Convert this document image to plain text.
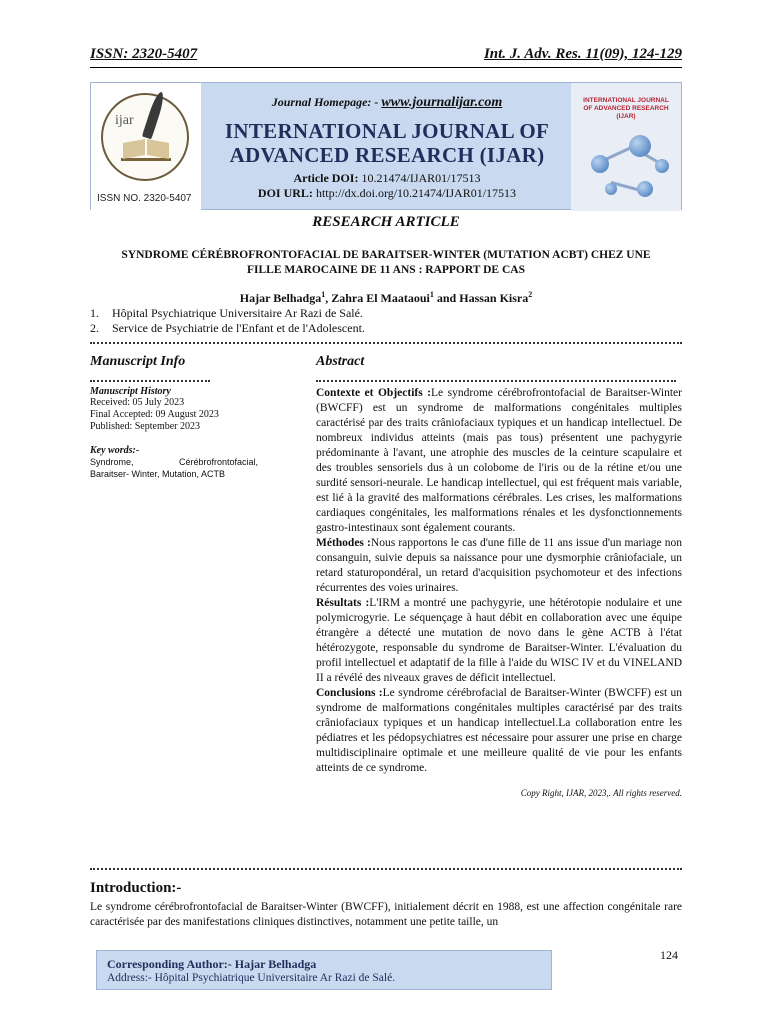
ISSN: 2320-5407	Int. J. Adv. Res. 11(09), 124-129
ijar
ISSN NO. 2320-5407
Journal Homepage: - www.journalijar.com
INTERNATIONAL JOURNAL OF
ADVANCED RESEARCH (IJAR)
Article DOI: 10.21474/IJAR01/17513
DOI URL: http://dx.doi.org/10.21474/IJAR01/17513
INTERNATIONAL JOURNAL OF ADVANCED RESEARCH (IJAR)
RESEARCH ARTICLE
SYNDROME CÉRÉBROFRONTOFACIAL DE BARAITSER-WINTER (MUTATION ACBT) CHEZ UNE
FILLE MAROCAINE DE 11 ANS : RAPPORT DE CAS
Hajar Belhadga$^1$, Zahra El Maataoui$^1$ and Hassan Kisra$^2$
1. Hôpital Psychiatrique Universitaire Ar Razi de Salé.
2. Service de Psychiatrie de l'Enfant et de l'Adolescent.
Manuscript Info
Manuscript History
Received: 05 July 2023
Final Accepted: 09 August 2023
Published: September 2023
Key words:-
Syndrome,	Cérébrofrontofacial,
Baraitser- Winter, Mutation, ACTB
Abstract
Contexte et Objectifs :Le syndrome cérébrofrontofacial de Baraitser-Winter (BWCFF) est un syndrome de malformations congénitales multiples caractérisé par des traits crâniofaciaux typiques et un handicap intellectuel. De nombreux individus atteints (mais pas tous) présentent une pachygyrie prédominante à l'avant, une atrophie des muscles de la ceinture scapulaire et des troubles sensoriels dus à un colobome de l'iris ou de la rétine et/ou une surdité sensori-neurale. Le handicap intellectuel, qui est fréquent mais variable, est lié à la gravité des malformations cérébrales. Les crises, les malformations cardiaques congénitales, les malformations rénales et les dysfonctionnements gastro-intestinaux sont également courants.
Méthodes :Nous rapportons le cas d'une fille de 11 ans issue d'un mariage non consanguin, suivie depuis sa naissance pour une dysmorphie crâniofaciale, un retard staturopondéral, un retard d'acquisition psychomoteur et des infections récurrentes des voies urinaires.
Résultats :L'IRM a montré une pachygyrie, une hétérotopie nodulaire et une polymicrogyrie. Le séquençage à haut débit en collaboration avec une équipe étrangère a détecté une mutation de novo dans le gène ACTB à l'état hétérozygote, responsable du syndrome de Baraitser-Winter. L'évaluation du profil intellectuel et adaptatif de la fille à l'aide du WISC IV et du VINELAND II a révélé des niveaux graves de déficit intellectuel.
Conclusions :Le syndrome cérébrofacial de Baraitser-Winter (BWCFF) est un syndrome de malformations congénitales multiples caractérisé par des traits crâniofaciaux typiques et un handicap intellectuel.La collaboration entre les pédiatres et les pédopsychiatres est nécessaire pour assurer une prise en charge multidisciplinaire optimale et une meilleure qualité de vie pour les enfants atteints de ce syndrome.
Copy Right, IJAR, 2023,. All rights reserved.
Introduction:-
Le syndrome cérébrofrontofacial de Baraitser-Winter (BWCFF), initialement décrit en 1988, est une affection congénitale rare caractérisée par des manifestations cliniques distinctives, notamment une petite taille, un
124
Corresponding Author:- Hajar Belhadga
Address:- Hôpital Psychiatrique Universitaire Ar Razi de Salé.
